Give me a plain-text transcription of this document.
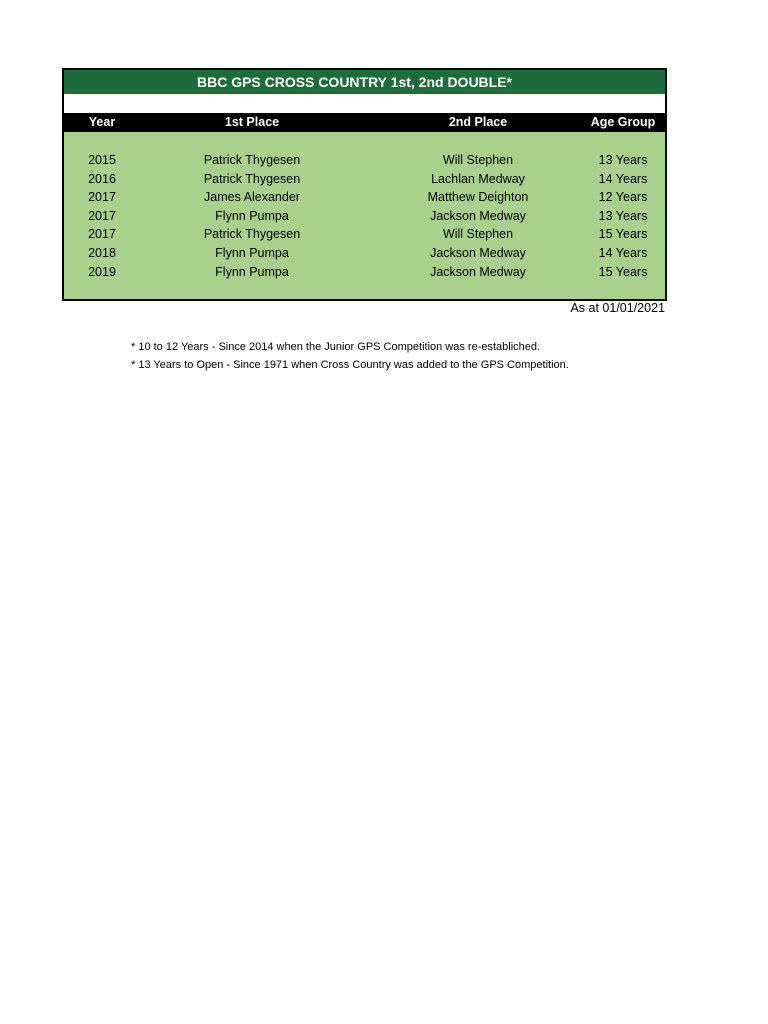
BBC GPS CROSS COUNTRY 1st, 2nd DOUBLE*
Year	1st Place	2nd Place	Age Group
2015	Patrick Thygesen	Will Stephen	13 Years
2016	Patrick Thygesen	Lachlan Medway	14 Years
2017	James Alexander	Matthew Deighton	12 Years
2017	Flynn Pumpa	Jackson Medway	13 Years
2017	Patrick Thygesen	Will Stephen	15 Years
2018	Flynn Pumpa	Jackson Medway	14 Years
2019	Flynn Pumpa	Jackson Medway	15 Years
As at 01/01/2021
* 10 to 12 Years - Since 2014 when the Junior GPS Competition was re-establiched.
* 13 Years to Open - Since 1971 when Cross Country was added to the GPS Competition.
